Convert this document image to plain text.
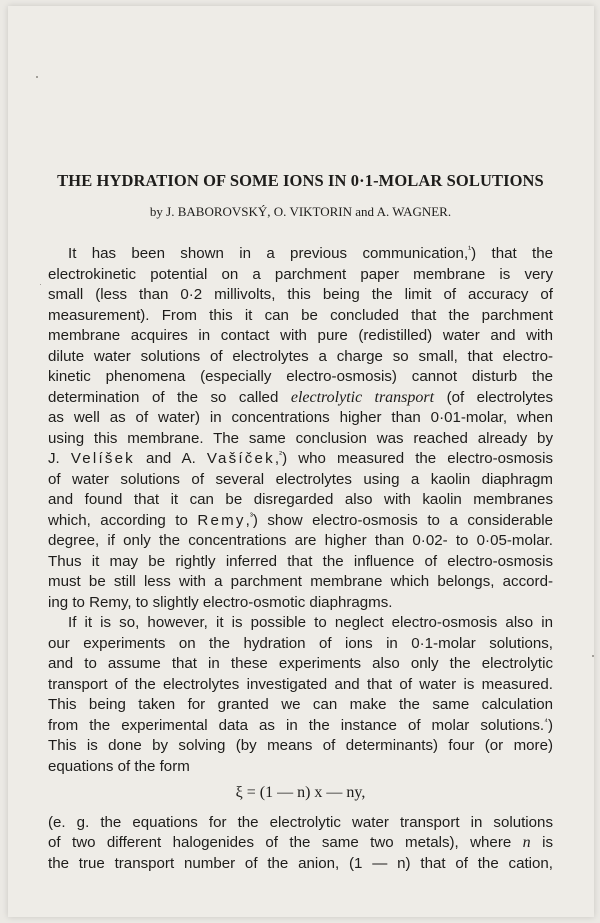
THE HYDRATION OF SOME IONS IN 0·1-MOLAR SOLUTIONS
by J. BABOROVSKÝ, O. VIKTORIN and A. WAGNER.
It has been shown in a previous communication,$^{^1}$) that the
electrokinetic potential on a parchment paper membrane is very
small (less than 0·2 millivolts, this being the limit of accuracy of
measurement). From this it can be concluded that the parchment
membrane acquires in contact with pure (redistilled) water and with
dilute water solutions of electrolytes a charge so small, that electro-
kinetic phenomena (especially electro-osmosis) cannot disturb the
determination of the so called electrolytic transport (of electrolytes
as well as of water) in concentrations higher than 0·01-molar, when
using this membrane. The same conclusion was reached already by
J. Velíšek and A. Vašíček,$^{^2}$) who measured the electro-osmosis
of water solutions of several electrolytes using a kaolin diaphragm
and found that it can be disregarded also with kaolin membranes
which, according to Remy,$^{^3}$) show electro-osmosis to a considerable
degree, if only the concentrations are higher than 0·02- to 0·05-molar.
Thus it may be rightly inferred that the influence of electro-osmosis
must be still less with a parchment membrane which belongs, accord-
ing to Remy, to slightly electro-osmotic diaphragms.
If it is so, however, it is possible to neglect electro-osmosis also in
our experiments on the hydration of ions in 0·1-molar solutions,
and to assume that in these experiments also only the electrolytic
transport of the electrolytes investigated and that of water is measured.
This being taken for granted we can make the same calculation
from the experimental data as in the instance of molar solutions.$^{^4}$)
This is done by solving (by means of determinants) four (or more)
equations of the form
ξ = (1 — n) x — ny,
(e. g. the equations for the electrolytic water transport in solutions
of two different halogenides of the same two metals), where n is
the true transport number of the anion, (1 — n) that of the cation,
